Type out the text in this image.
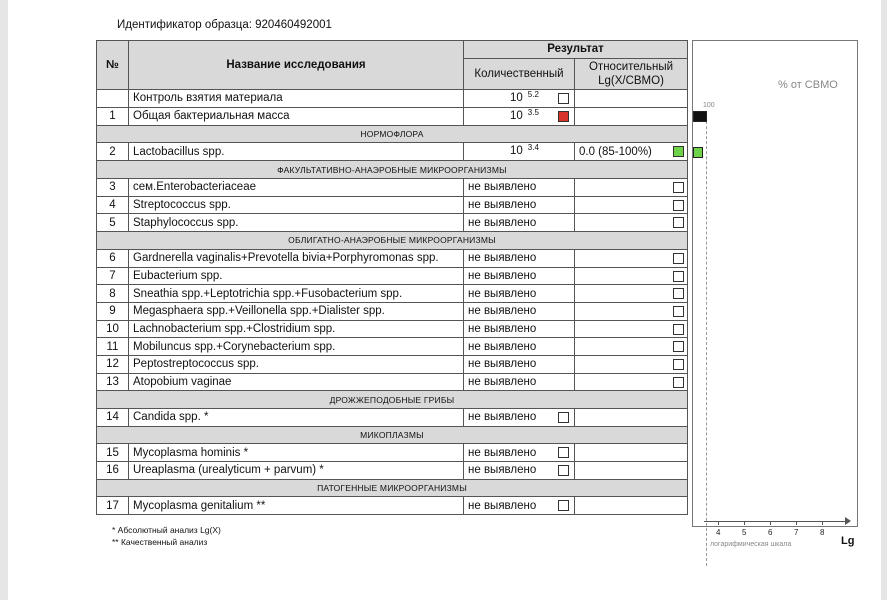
Идентификатор образца: 920460492001
№	Название исследования	Результат	
		Количественный	Относительный Lg(X/СВМО)
	Контроль взятия материала	10 $^{5.2}$

1	Общая бактериальная масса	10 $^{3.5}$

НОРМОФЛОРА			
2	Lactobacillus spp.	10 $^{3.4}$	0.0 (85-100%)

ФАКУЛЬТАТИВНО-АНАЭРОБНЫЕ МИКРООРГАНИЗМЫ			
3	сем.Enterobacteriaceae	не выявлено	

4	Streptococcus spp.	не выявлено	

5	Staphylococcus spp.	не выявлено	

ОБЛИГАТНО-АНАЭРОБНЫЕ МИКРООРГАНИЗМЫ			
6	Gardnerella vaginalis+Prevotella bivia+Porphyromonas spp.	не выявлено	

7	Eubacterium spp.	не выявлено	

8	Sneathia spp.+Leptotrichia spp.+Fusobacterium spp.	не выявлено	

9	Megasphaera spp.+Veillonella spp.+Dialister spp.	не выявлено	

10	Lachnobacterium spp.+Clostridium spp.	не выявлено	

11	Mobiluncus spp.+Corynebacterium spp.	не выявлено	

12	Peptostreptococcus spp.	не выявлено	

13	Atopobium vaginae	не выявлено	

ДРОЖЖЕПОДОБНЫЕ ГРИБЫ			
14	Candida spp. *	не выявлено

МИКОПЛАЗМЫ			
15	Mycoplasma hominis *	не выявлено

16	Ureaplasma (urealyticum + parvum) *	не выявлено

ПАТОГЕННЫЕ МИКРООРГАНИЗМЫ			
17	Mycoplasma genitalium **	не выявлено

% от СВМО
100
4	5	6	7	8
логарифмическая шкала	Lg
* Абсолютный анализ Lg(X)
** Качественный анализ
